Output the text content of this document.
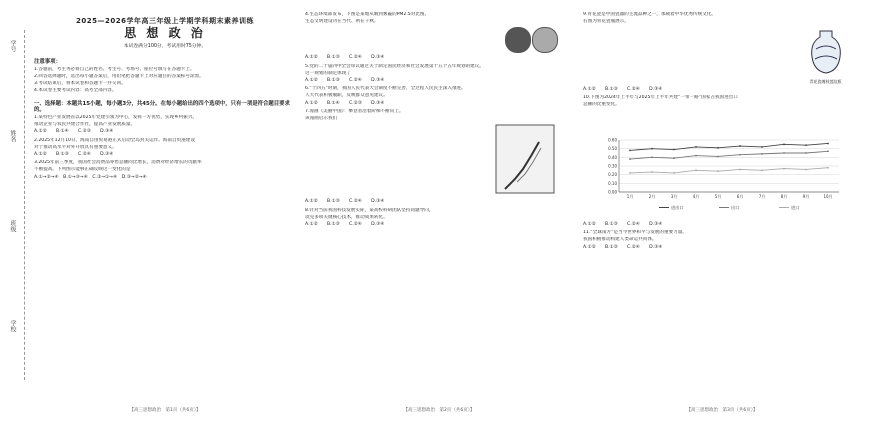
学号
姓名
班级
学校
2025—2026学年高三年级上学期学科期末素养训练
思 想 政 治
本试卷满分100分，考试用时75分钟。
注意事项：
1.答题前，考生务必将自己的姓名、考生号、考场号、座位号填写在答题卡上。
2.回答选择题时，选出每小题答案后，用铅笔把答题卡上对应题目的答案标号涂黑。
3.考试结束后，将本试卷和答题卡一并交回。
4.本试卷主要考试内容：高考全部内容。
一、选择题：本题共15小题，每小题3分，共45分。在每小题给出的四个选项中，只有一项是符合题目要求的。
1.某特色产业发展省以2025年党建引领为中心，发挥一方优势，实现乡村振兴。
推动企业与农民共建合作社，提高产业发展质量。
A.①②　　B.①④　　C.②③　　D.③④
2.2025年12月10日，海南自由贸易港正式启动全岛封关运作。海南自贸港建设
对于推动高水平对外开放具有重要意义。
A.①②　　B.①③　　C.②④　　D.③④
3.2025年前三季度，我国社会消费品零售总额同比增长，消费对经济增长的贡献率
不断提高。下列图示能够正确反映这一变化的是
A.①→②→④　B.①→③→④　C.②→①→④　D.③→②→④
【高三思想政治　第1页（共6页）】
4.生态环境部发布，下图是某地从晴到雾霾的PM2.5对比图。
生态文明建设功在当代、利在千秋。

A.①②　　B.①③　　C.②④　　D.③④
5.党的二十届四中全会审议通过关于制定国民经济和社会发展第十五个五年规划的建议。
这一规划的制定体现了
A.①②　　B.①③　　C.②④　　D.③④
6.“十四五”时期，我国人民代表大会制度不断完善，全过程人民民主深入推进。
人大代表积极履职，反映群众意见建议。
A.①②　　B.①④　　C.②③　　D.③④
7.漫画《美丽中国》：攀登者沿着阶梯不断向上。
该漫画启示我们
A.①②　　B.①③　　C.②④　　D.③④
8.针对当前我国科技发展实际，某高校科研团队坚持问题导向，
攻克多项关键核心技术，推动成果转化。
A.①②　　B.①③　　C.②④　　D.③④
【高三思想政治　第2页（共6页）】
9.青花瓷是中国瓷器的主流品种之一，承载着中华优秀传统文化。
右图为青花瓷瓶展示。
青花瓷缠枝莲纹瓶
A.①②　　B.①③　　C.②④　　D.③④
10.下图为2024年上半年与2025年上半年共建“一带一路”国家占我国进出口
总额的比重变化。
0.00
0.10
0.20
0.30
0.40
0.50
0.60
1月	2月	3月	4月	5月	6月	7月	8月	9月	10月
进出口	出口	进口
A.①②　　B.①③　　C.②④　　D.③④
11.“全球南方”是当今世界和平与发展的重要力量。
我国积极推动构建人类命运共同体。
A.①②　　B.①③　　C.②④　　D.③④
【高三思想政治　第3页（共6页）】
